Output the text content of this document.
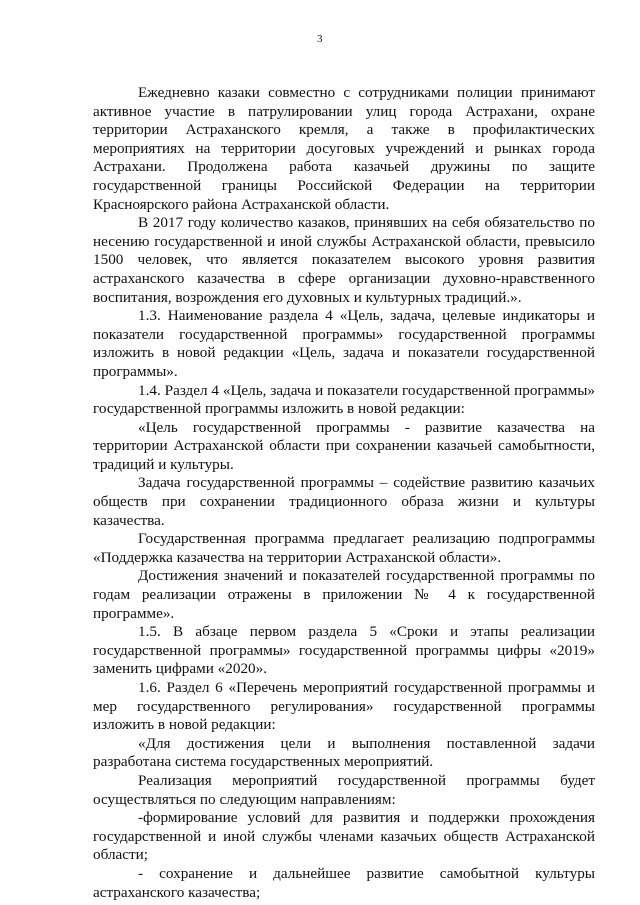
3

Ежедневно казаки совместно с сотрудниками полиции принимают активное участие в патрулировании улиц города Астрахани, охране территории Астраханского кремля, а также в профилактических мероприятиях на территории досуговых учреждений и рынках города Астрахани. Продолжена работа казачьей дружины по защите государственной границы Российской Федерации на территории Красноярского района Астраханской области.

В 2017 году количество казаков, принявших на себя обязательство по несению государственной и иной службы Астраханской области, превысило 1500 человек, что является показателем высокого уровня развития астраханского казачества в сфере организации духовно-нравственного воспитания, возрождения его духовных и культурных традиций.».

1.3. Наименование раздела 4 «Цель, задача, целевые индикаторы и показатели государственной программы» государственной программы изложить в новой редакции «Цель, задача и показатели государственной программы».

1.4. Раздел 4 «Цель, задача и показатели государственной программы» государственной программы изложить в новой редакции:

«Цель государственной программы - развитие казачества на территории Астраханской области при сохранении казачьей самобытности, традиций и культуры.

Задача государственной программы – содействие развитию казачьих обществ при сохранении традиционного образа жизни и культуры казачества.

Государственная программа предлагает реализацию подпрограммы «Поддержка казачества на территории Астраханской области».

Достижения значений и показателей государственной программы по годам реализации отражены в приложении № 4 к государственной программе».

1.5. В абзаце первом раздела 5 «Сроки и этапы реализации государственной программы» государственной программы цифры «2019» заменить цифрами «2020».

1.6. Раздел 6 «Перечень мероприятий государственной программы и мер государственного регулирования» государственной программы изложить в новой редакции:

«Для достижения цели и выполнения поставленной задачи разработана система государственных мероприятий.

Реализация мероприятий государственной программы будет осуществляться по следующим направлениям:

-формирование условий для развития и поддержки прохождения государственной и иной службы членами казачьих обществ Астраханской области;

- сохранение и дальнейшее развитие самобытной культуры астраханского казачества;
